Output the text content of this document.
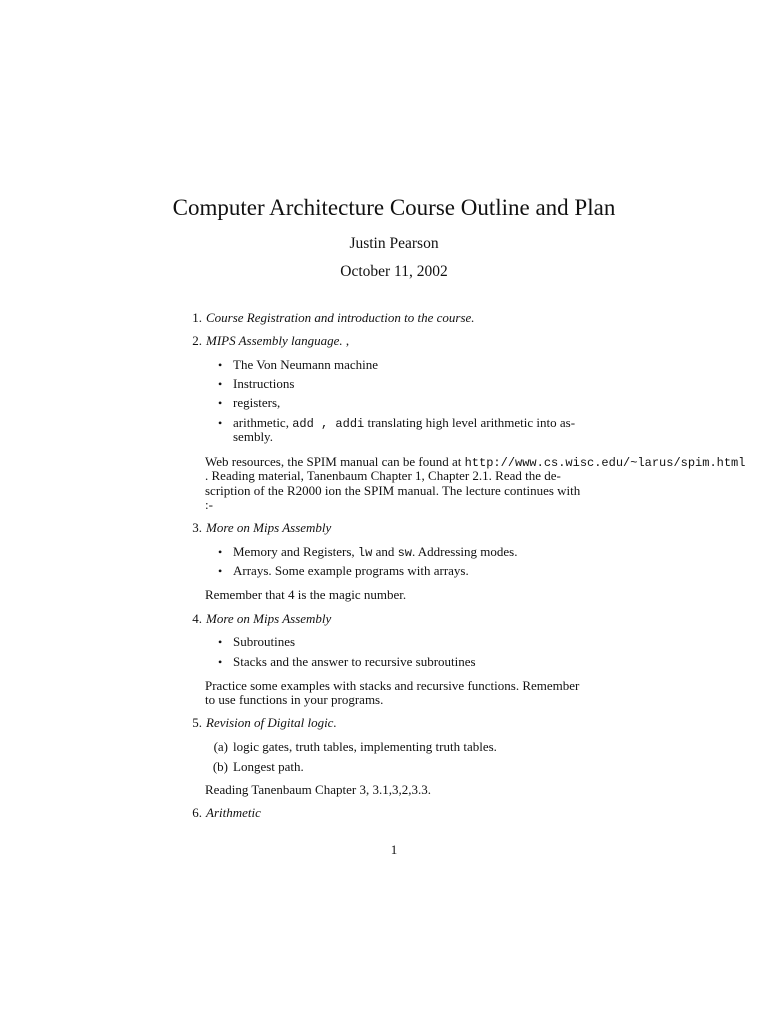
Computer Architecture Course Outline and Plan
Justin Pearson
October 11, 2002
1. Course Registration and introduction to the course.
2. MIPS Assembly language. ,
• The Von Neumann machine
• Instructions
• registers,
• arithmetic, add , addi translating high level arithmetic into as-
sembly.
Web resources, the SPIM manual can be found at http://www.cs.wisc.edu/~larus/spim.html
. Reading material, Tanenbaum Chapter 1, Chapter 2.1. Read the de-
scription of the R2000 ion the SPIM manual. The lecture continues with
:-
3. More on Mips Assembly
• Memory and Registers, lw and sw. Addressing modes.
• Arrays. Some example programs with arrays.
Remember that 4 is the magic number.
4. More on Mips Assembly
• Subroutines
• Stacks and the answer to recursive subroutines
Practice some examples with stacks and recursive functions. Remember
to use functions in your programs.
5. Revision of Digital logic.
(a) logic gates, truth tables, implementing truth tables.
(b) Longest path.
Reading Tanenbaum Chapter 3, 3.1,3,2,3.3.
6. Arithmetic
1
